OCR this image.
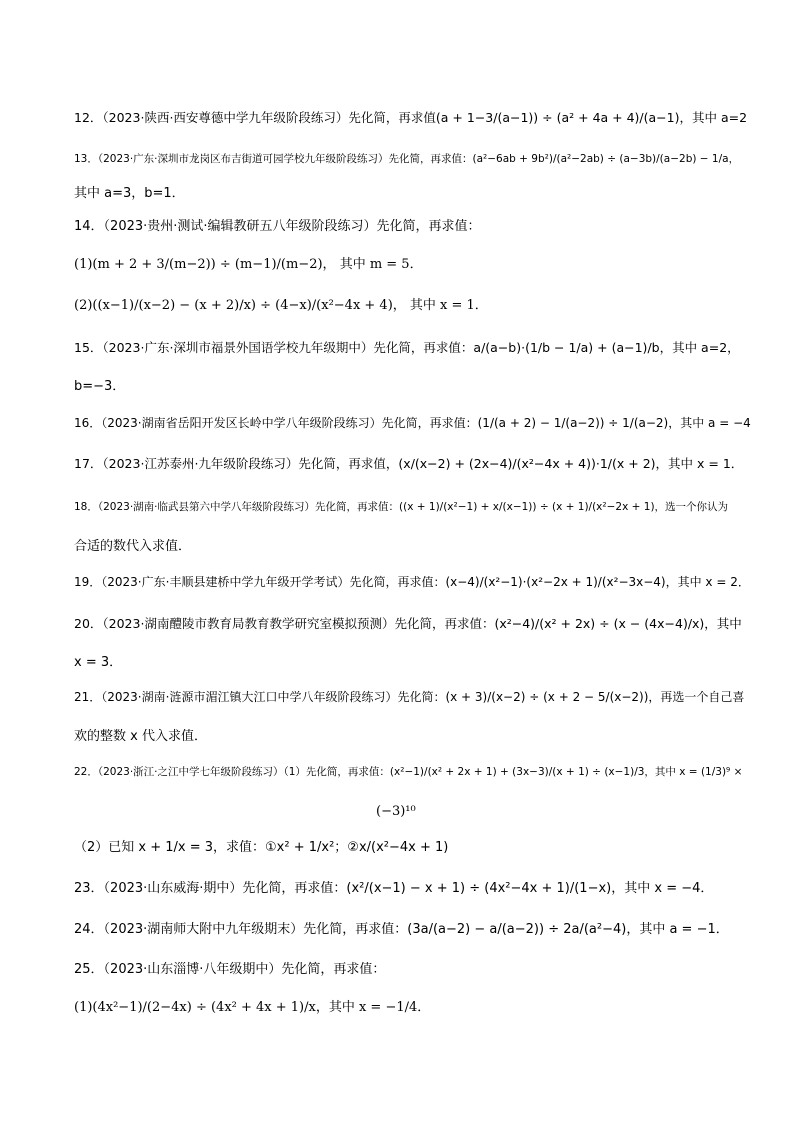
12．（2023·陕西·西安尊德中学九年级阶段练习）先化简，再求值(a + 1−3/(a−1)) ÷ (a² + 4a + 4)/(a−1)，其中 a=2
13．（2023·广东·深圳市龙岗区布吉街道可园学校九年级阶段练习）先化简，再求值：(a²−6ab + 9b²)/(a²−2ab) ÷ (a−3b)/(a−2b) − 1/a，
其中 a=3，b=1．
14．（2023·贵州·测试·编辑教研五八年级阶段练习）先化简，再求值：
(1)(m + 2 + 3/(m−2)) ÷ (m−1)/(m−2)， 其中 m = 5．
(2)((x−1)/(x−2) − (x + 2)/x) ÷ (4−x)/(x²−4x + 4)， 其中 x = 1．
15．（2023·广东·深圳市福景外国语学校九年级期中）先化简，再求值：a/(a−b)·(1/b − 1/a) + (a−1)/b，其中 a=2，
b=−3．
16．（2023·湖南省岳阳开发区长岭中学八年级阶段练习）先化简，再求值：(1/(a + 2) − 1/(a−2)) ÷ 1/(a−2)，其中 a = −4
17．（2023·江苏泰州·九年级阶段练习）先化简，再求值，(x/(x−2) + (2x−4)/(x²−4x + 4))·1/(x + 2)，其中 x = 1．
18．（2023·湖南·临武县第六中学八年级阶段练习）先化简，再求值：((x + 1)/(x²−1) + x/(x−1)) ÷ (x + 1)/(x²−2x + 1)，选一个你认为
合适的数代入求值．
19．（2023·广东·丰顺县建桥中学九年级开学考试）先化简，再求值：(x−4)/(x²−1)·(x²−2x + 1)/(x²−3x−4)，其中 x = 2．
20．（2023·湖南醴陵市教育局教育教学研究室模拟预测）先化简，再求值：(x²−4)/(x² + 2x) ÷ (x − (4x−4)/x)，其中
x = 3．
21．（2023·湖南·涟源市湄江镇大江口中学八年级阶段练习）先化简：(x + 3)/(x−2) ÷ (x + 2 − 5/(x−2))，再选一个自己喜
欢的整数 x 代入求值．
22．（2023·浙江·之江中学七年级阶段练习）（1）先化简，再求值：(x²−1)/(x² + 2x + 1) + (3x−3)/(x + 1) ÷ (x−1)/3，其中 x = (1/3)⁹ ×
(−3)¹⁰
（2）已知 x + 1/x = 3，求值：①x² + 1/x²；②x/(x²−4x + 1)
23．（2023·山东威海·期中）先化简，再求值：(x²/(x−1) − x + 1) ÷ (4x²−4x + 1)/(1−x)，其中 x = −4．
24．（2023·湖南师大附中九年级期末）先化简，再求值：(3a/(a−2) − a/(a−2)) ÷ 2a/(a²−4)，其中 a = −1．
25．（2023·山东淄博·八年级期中）先化简，再求值：
(1)(4x²−1)/(2−4x) ÷ (4x² + 4x + 1)/x，其中 x = −1/4．
